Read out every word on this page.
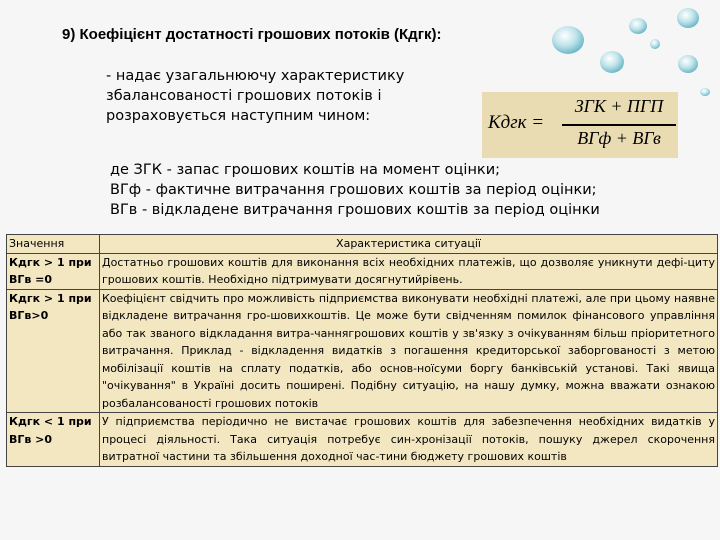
9) Коефіцієнт достатності грошових потоків (Кдгк):
- надає узагальнюючу характеристику збалансованості грошових потоків і розраховується наступним чином:	Кдгк =
ЗГК + ПГП
ВГф + ВГв
де ЗГК - запас грошових коштів на момент оцінки;
ВГф - фактичне витрачання грошових коштів за період оцінки;
ВГв - відкладене витрачання грошових коштів за період оцінки
Значення	Характеристика ситуації
Кдгк > 1 при ВГв =0	Достатньо грошових коштів для виконання всіх необхідних платежів, що дозволяє уникнути дефі-циту грошових коштів. Необхідно підтримувати досягнутийрівень.
Кдгк > 1 при ВГв>0	Коефіцієнт свідчить про можливість підприємства виконувати необхідні платежі, але при цьому наявне відкладене витрачання гро-шовихкоштів. Це може бути свідченням помилок фінансового управління або так званого відкладання витра-чаннягрошових коштів у зв'язку з очікуванням більш пріоритетного витрачання. Приклад - відкладення видатків з погашення кредиторської заборгованості з метою мобілізації коштів на сплату податків, або основ-ноїсуми боргу банківській установі. Такі явища "очікування" в Україні досить поширені. Подібну ситуацію, на нашу думку, можна вважати ознакою розбалансованості грошових потоків
Кдгк < 1 при ВГв >0	У підприємства періодично не вистачає грошових коштів для забезпечення необхідних видатків у процесі діяльності. Така ситуація потребує син-хронізації потоків, пошуку джерел скорочення витратної частини та збільшення доходної час-тини бюджету грошових коштів
